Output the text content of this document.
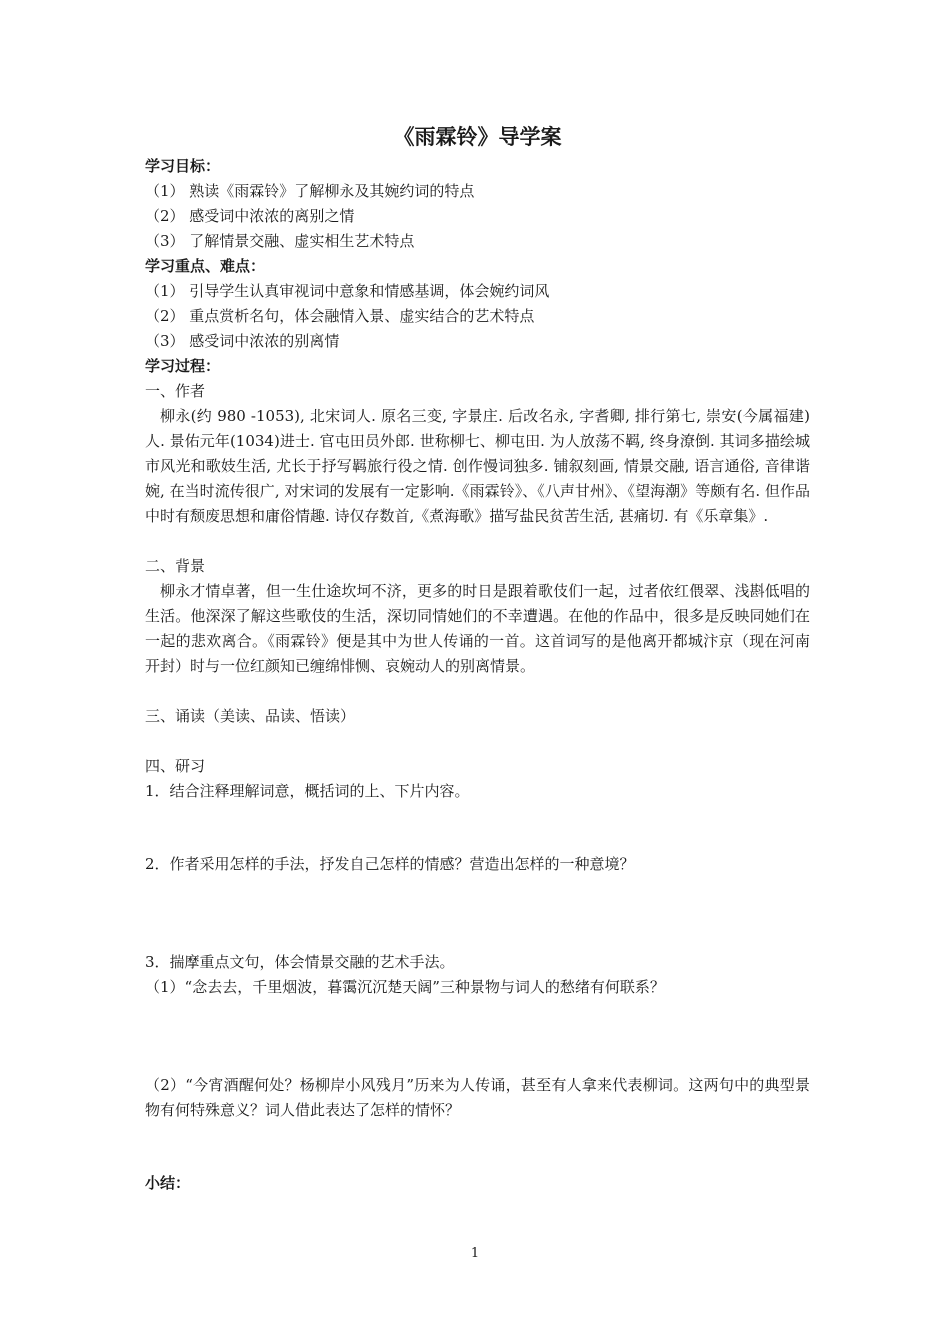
《雨霖铃》导学案

学习目标：

（1） 熟读《雨霖铃》了解柳永及其婉约词的特点

（2） 感受词中浓浓的离别之情

（3） 了解情景交融、虚实相生艺术特点

学习重点、难点：

（1） 引导学生认真审视词中意象和情感基调，体会婉约词风

（2） 重点赏析名句，体会融情入景、虚实结合的艺术特点

（3） 感受词中浓浓的别离情

学习过程：

一、作者

柳永(约 980 -1053), 北宋词人. 原名三变, 字景庄. 后改名永, 字耆卿, 排行第七, 崇安(今属福建)人. 景佑元年(1034)进士. 官屯田员外郎. 世称柳七、柳屯田. 为人放荡不羁, 终身潦倒. 其词多描绘城市风光和歌妓生活, 尤长于抒写羁旅行役之情. 创作慢词独多. 铺叙刻画, 情景交融, 语言通俗, 音律谐婉, 在当时流传很广, 对宋词的发展有一定影响.《雨霖铃》、《八声甘州》、《望海潮》等颇有名. 但作品中时有颓废思想和庸俗情趣. 诗仅存数首,《煮海歌》描写盐民贫苦生活, 甚痛切. 有《乐章集》.

二、背景

柳永才情卓著，但一生仕途坎坷不济，更多的时日是跟着歌伎们一起，过者依红偎翠、浅斟低唱的生活。他深深了解这些歌伎的生活，深切同情她们的不幸遭遇。在他的作品中，很多是反映同她们在一起的悲欢离合。《雨霖铃》便是其中为世人传诵的一首。这首词写的是他离开都城汴京（现在河南开封）时与一位红颜知已缠绵悱恻、哀婉动人的别离情景。

三、诵读（美读、品读、悟读）

四、研习

1．结合注释理解词意，概括词的上、下片内容。

2．作者采用怎样的手法，抒发自己怎样的情感？营造出怎样的一种意境？

3．揣摩重点文句，体会情景交融的艺术手法。

（1）“念去去，千里烟波，暮霭沉沉楚天阔”三种景物与词人的愁绪有何联系？

（2）“今宵酒醒何处？杨柳岸小风残月”历来为人传诵，甚至有人拿来代表柳词。这两句中的典型景物有何特殊意义？词人借此表达了怎样的情怀？

小结：

1
